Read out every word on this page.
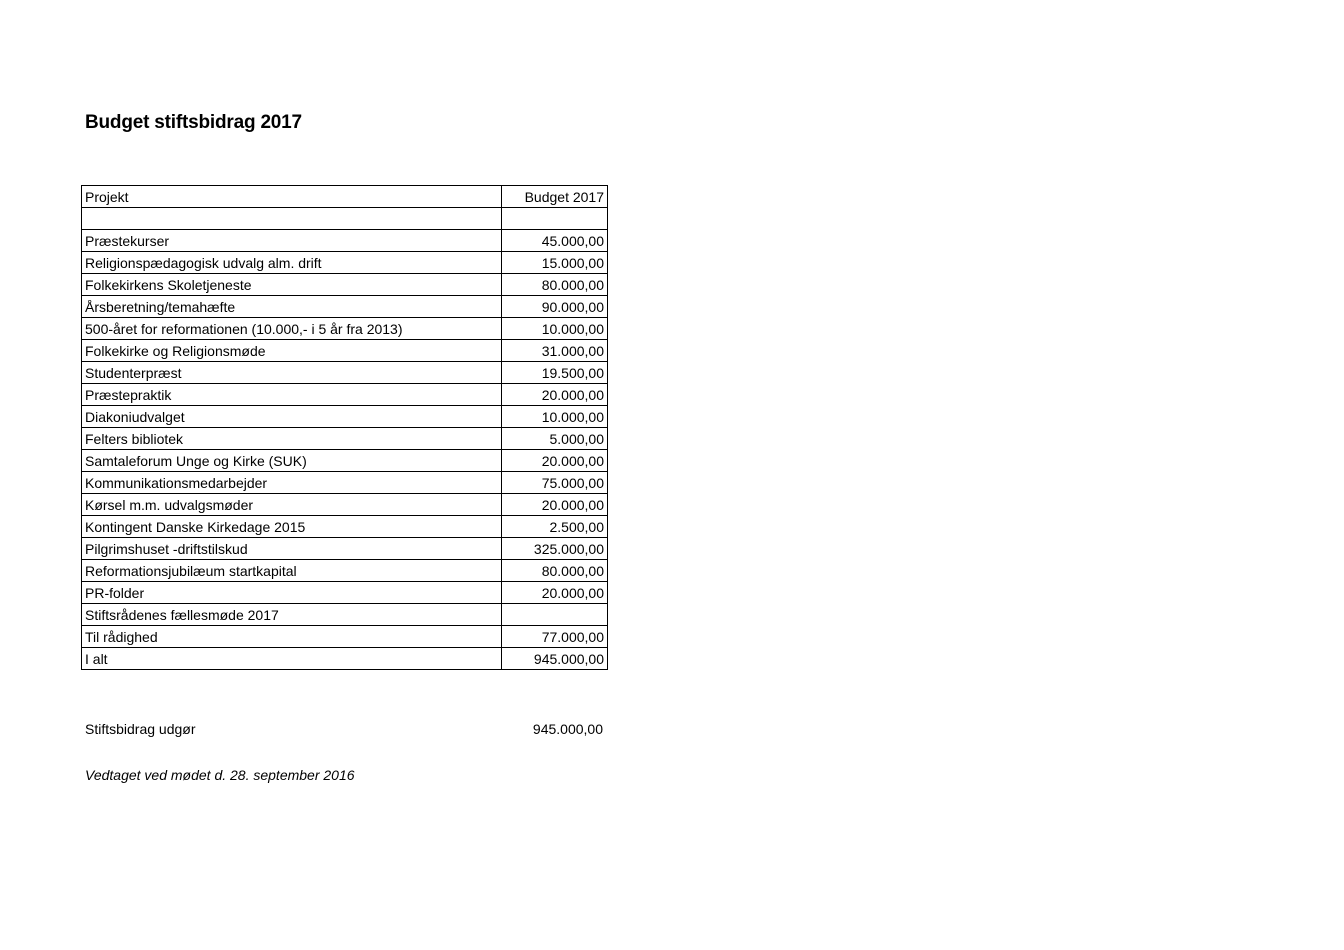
Budget stiftsbidrag 2017
Projekt	Budget 2017

Præstekurser	45.000,00
Religionspædagogisk udvalg alm. drift	15.000,00
Folkekirkens Skoletjeneste	80.000,00
Årsberetning/temahæfte	90.000,00
500-året for reformationen (10.000,- i 5 år fra 2013)	10.000,00
Folkekirke og Religionsmøde	31.000,00
Studenterpræst	19.500,00
Præstepraktik	20.000,00
Diakoniudvalget	10.000,00
Felters bibliotek	5.000,00
Samtaleforum Unge og Kirke (SUK)	20.000,00
Kommunikationsmedarbejder	75.000,00
Kørsel m.m. udvalgsmøder	20.000,00
Kontingent Danske Kirkedage 2015	2.500,00
Pilgrimshuset -driftstilskud	325.000,00
Reformationsjubilæum startkapital	80.000,00
PR-folder	20.000,00
Stiftsrådenes fællesmøde 2017	
Til rådighed	77.000,00
I alt	945.000,00
Stiftsbidrag udgør	945.000,00
Vedtaget ved mødet d. 28. september 2016
